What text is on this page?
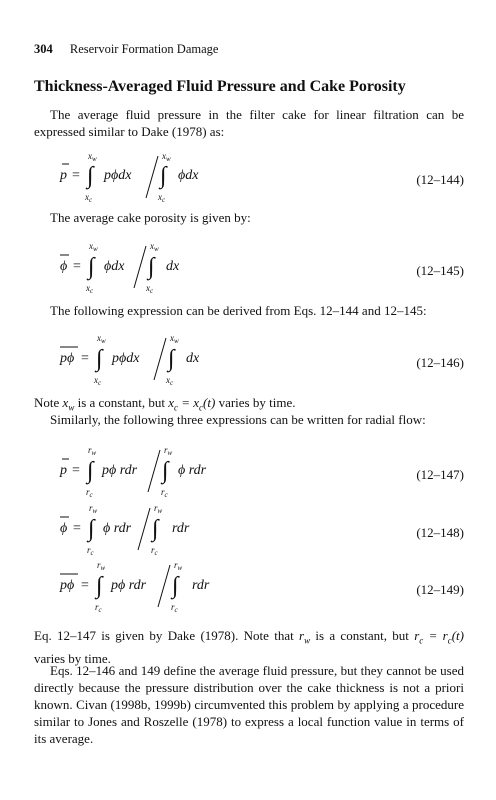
304 Reservoir Formation Damage
Thickness-Averaged Fluid Pressure and Cake Porosity
The average fluid pressure in the filter cake for linear filtration can be expressed similar to Dake (1978) as:
p = ∫
$x_w$
$x_c$
pϕdx ∫
$x_w$
$x_c$
ϕdx	(12–144)
The average cake porosity is given by:
ϕ = ∫
$x_w$
$x_c$
ϕdx ∫
$x_w$
$x_c$
dx	(12–145)
The following expression can be derived from Eqs. 12–144 and 12–145:
pϕ = ∫
$x_w$
$x_c$
pϕdx ∫
$x_w$
$x_c$
dx	(12–146)
Note $x_w$ is a constant, but $x_c = x_c(t)$ varies by time.
Similarly, the following three expressions can be written for radial flow:
p = ∫
$r_w$
$r_c$
pϕ rdr ∫
$r_w$
$r_c$
ϕ rdr	(12–147)
ϕ = ∫
$r_w$
$r_c$
ϕ rdr ∫
$r_w$
$r_c$
rdr	(12–148)
pϕ = ∫
$r_w$
$r_c$
pϕ rdr ∫
$r_w$
$r_c$
rdr	(12–149)
Eq. 12–147 is given by Dake (1978). Note that $r_w$ is a constant, but $r_c = r_c(t)$ varies by time.
Eqs. 12–146 and 149 define the average fluid pressure, but they cannot be used directly because the pressure distribution over the cake thickness is not a priori known. Civan (1998b, 1999b) circumvented this problem by applying a procedure similar to Jones and Roszelle (1978) to express a local function value in terms of its average.
